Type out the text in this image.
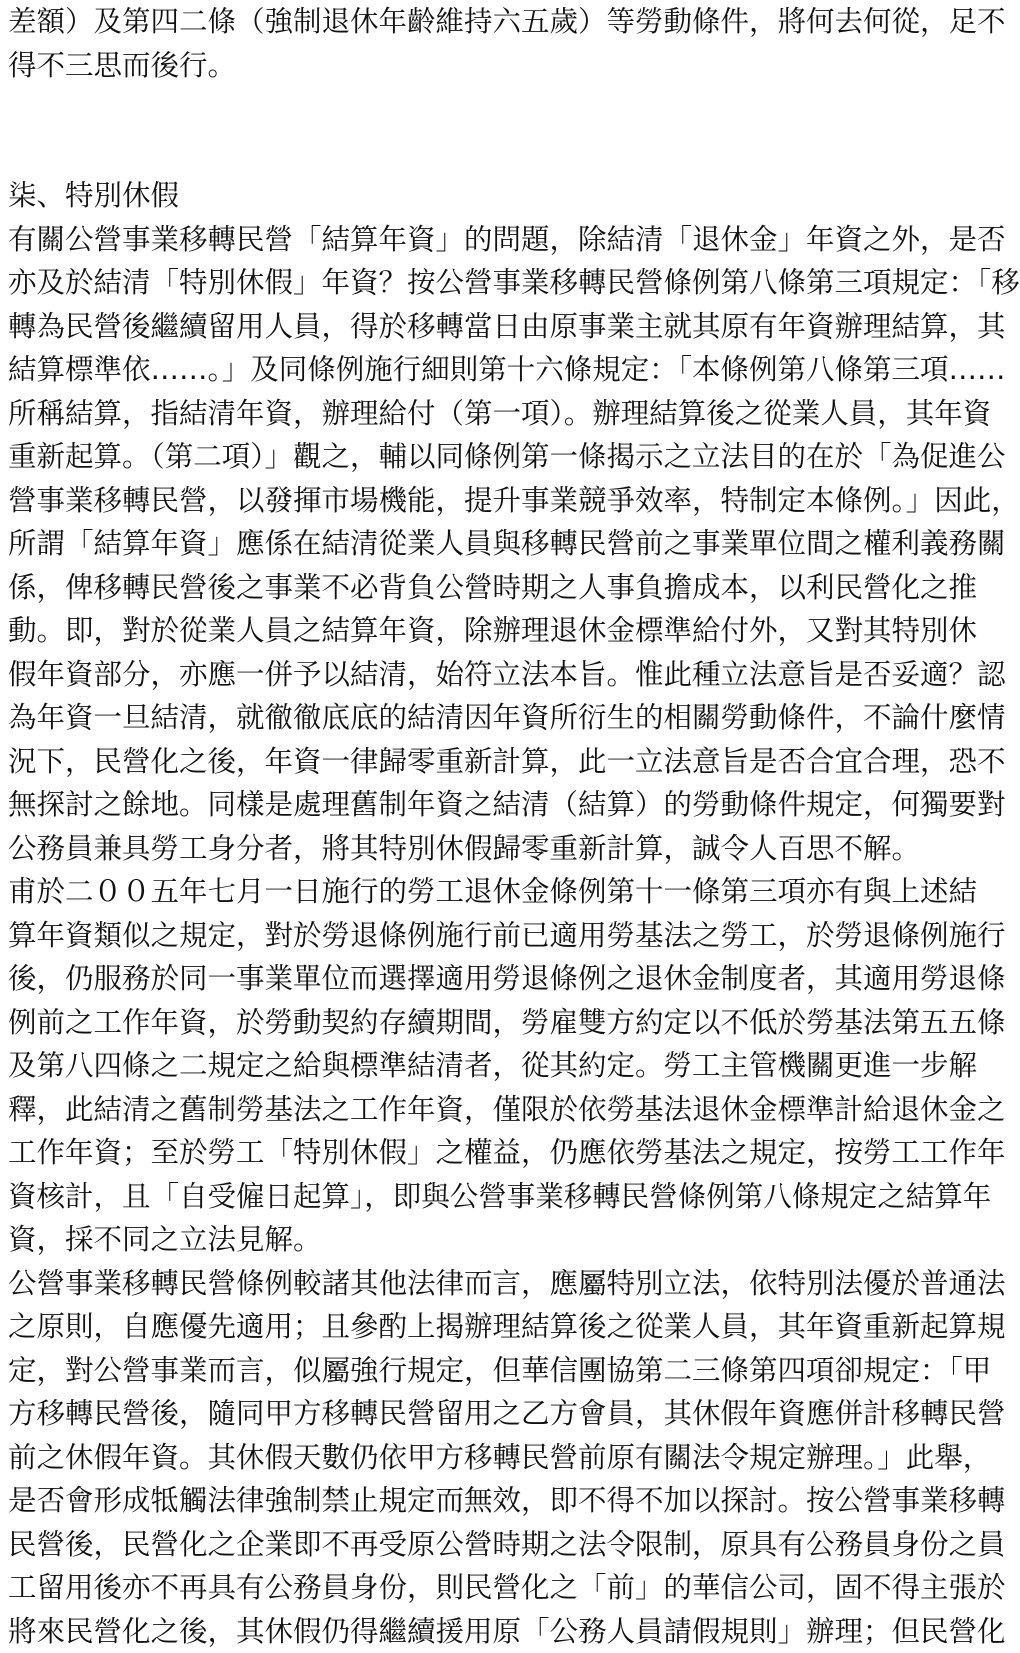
差額）及第四二條（強制退休年齡維持六五歲）等勞動條件，將何去何從，足不
得不三思而後行。
柒、特別休假
有關公營事業移轉民營「結算年資」的問題，除結清「退休金」年資之外，是否
亦及於結清「特別休假」年資？按公營事業移轉民營條例第八條第三項規定：「移
轉為民營後繼續留用人員，得於移轉當日由原事業主就其原有年資辦理結算，其
結算標準依……。」及同條例施行細則第十六條規定：「本條例第八條第三項……
所稱結算，指結清年資，辦理給付（第一項）。辦理結算後之從業人員，其年資
重新起算。（第二項）」觀之，輔以同條例第一條揭示之立法目的在於「為促進公
營事業移轉民營，以發揮市場機能，提升事業競爭效率，特制定本條例。」因此，
所謂「結算年資」應係在結清從業人員與移轉民營前之事業單位間之權利義務關
係，俾移轉民營後之事業不必背負公營時期之人事負擔成本，以利民營化之推
動。即，對於從業人員之結算年資，除辦理退休金標準給付外，又對其特別休
假年資部分，亦應一併予以結清，始符立法本旨。惟此種立法意旨是否妥適？認
為年資一旦結清，就徹徹底底的結清因年資所衍生的相關勞動條件，不論什麼情
況下，民營化之後，年資一律歸零重新計算，此一立法意旨是否合宜合理，恐不
無探討之餘地。同樣是處理舊制年資之結清（結算）的勞動條件規定，何獨要對
公務員兼具勞工身分者，將其特別休假歸零重新計算，誠令人百思不解。
甫於二００五年七月一日施行的勞工退休金條例第十一條第三項亦有與上述結
算年資類似之規定，對於勞退條例施行前已適用勞基法之勞工，於勞退條例施行
後，仍服務於同一事業單位而選擇適用勞退條例之退休金制度者，其適用勞退條
例前之工作年資，於勞動契約存續期間，勞雇雙方約定以不低於勞基法第五五條
及第八四條之二規定之給與標準結清者，從其約定。勞工主管機關更進一步解
釋，此結清之舊制勞基法之工作年資，僅限於依勞基法退休金標準計給退休金之
工作年資；至於勞工「特別休假」之權益，仍應依勞基法之規定，按勞工工作年
資核計，且「自受僱日起算」，即與公營事業移轉民營條例第八條規定之結算年
資，採不同之立法見解。
公營事業移轉民營條例較諸其他法律而言，應屬特別立法，依特別法優於普通法
之原則，自應優先適用；且參酌上揭辦理結算後之從業人員，其年資重新起算規
定，對公營事業而言，似屬強行規定，但華信團協第二三條第四項卻規定：「甲
方移轉民營後，隨同甲方移轉民營留用之乙方會員，其休假年資應併計移轉民營
前之休假年資。其休假天數仍依甲方移轉民營前原有關法令規定辦理。」此舉，
是否會形成牴觸法律強制禁止規定而無效，即不得不加以探討。按公營事業移轉
民營後，民營化之企業即不再受原公營時期之法令限制，原具有公務員身份之員
工留用後亦不再具有公務員身份，則民營化之「前」的華信公司，固不得主張於
將來民營化之後，其休假仍得繼續援用原「公務人員請假規則」辦理；但民營化
